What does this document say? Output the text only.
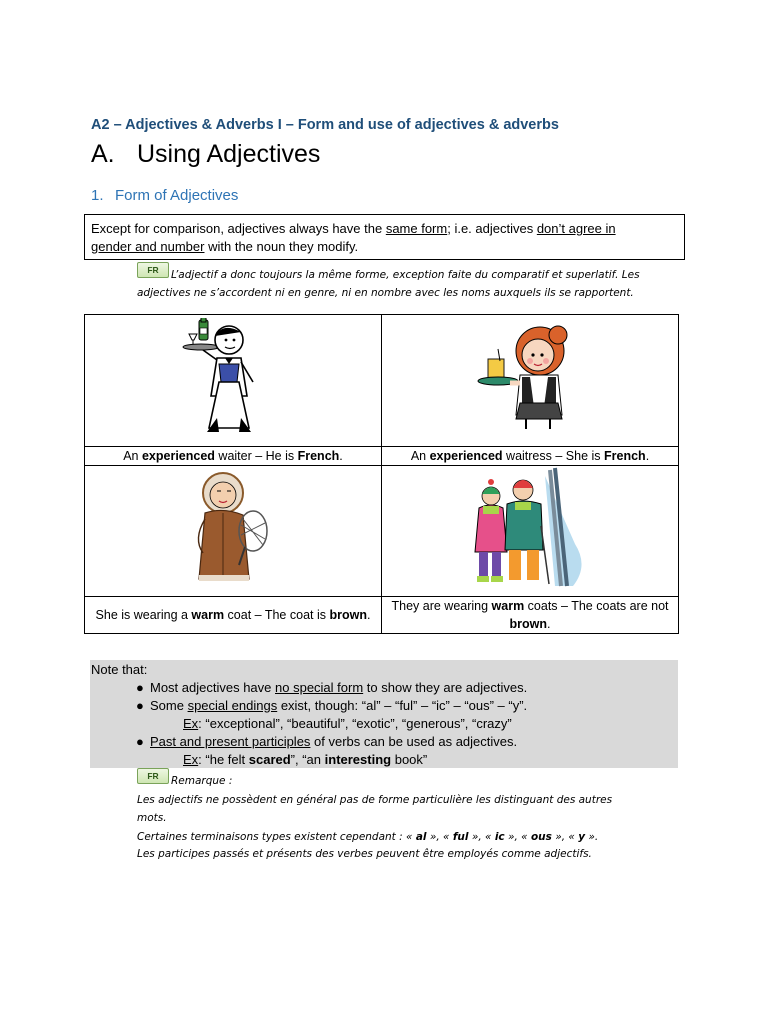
A2 – Adjectives & Adverbs I – Form and use of adjectives & adverbs
A. Using Adjectives
1. Form of Adjectives
Except for comparison, adjectives always have the same form; i.e. adjectives don’t agree in
gender and number with the noun they modify.
FR	L’adjectif a donc toujours la même forme, exception faite du comparatif et superlatif. Les
adjectives ne s’accordent ni en genre, ni en nombre avec les noms auxquels ils se rapportent.

An experienced waiter – He is French.	An experienced waitress – She is French.

She is wearing a warm coat – The coat is brown.	They are wearing warm coats – The coats are not brown.
Note that:
● Most adjectives have no special form to show they are adjectives.
● Some special endings exist, though: “al” – “ful” – “ic” – “ous” – “y”.
Ex: “exceptional”, “beautiful”, “exotic”, “generous”, “crazy”
● Past and present participles of verbs can be used as adjectives.
Ex: “he felt scared”, “an interesting book”
FR	Remarque :
Les adjectifs ne possèdent en général pas de forme particulière les distinguant des autres
mots.
Certaines terminaisons types existent cependant : « al », « ful », « ic », « ous », « y ».
Les participes passés et présents des verbes peuvent être employés comme adjectifs.
